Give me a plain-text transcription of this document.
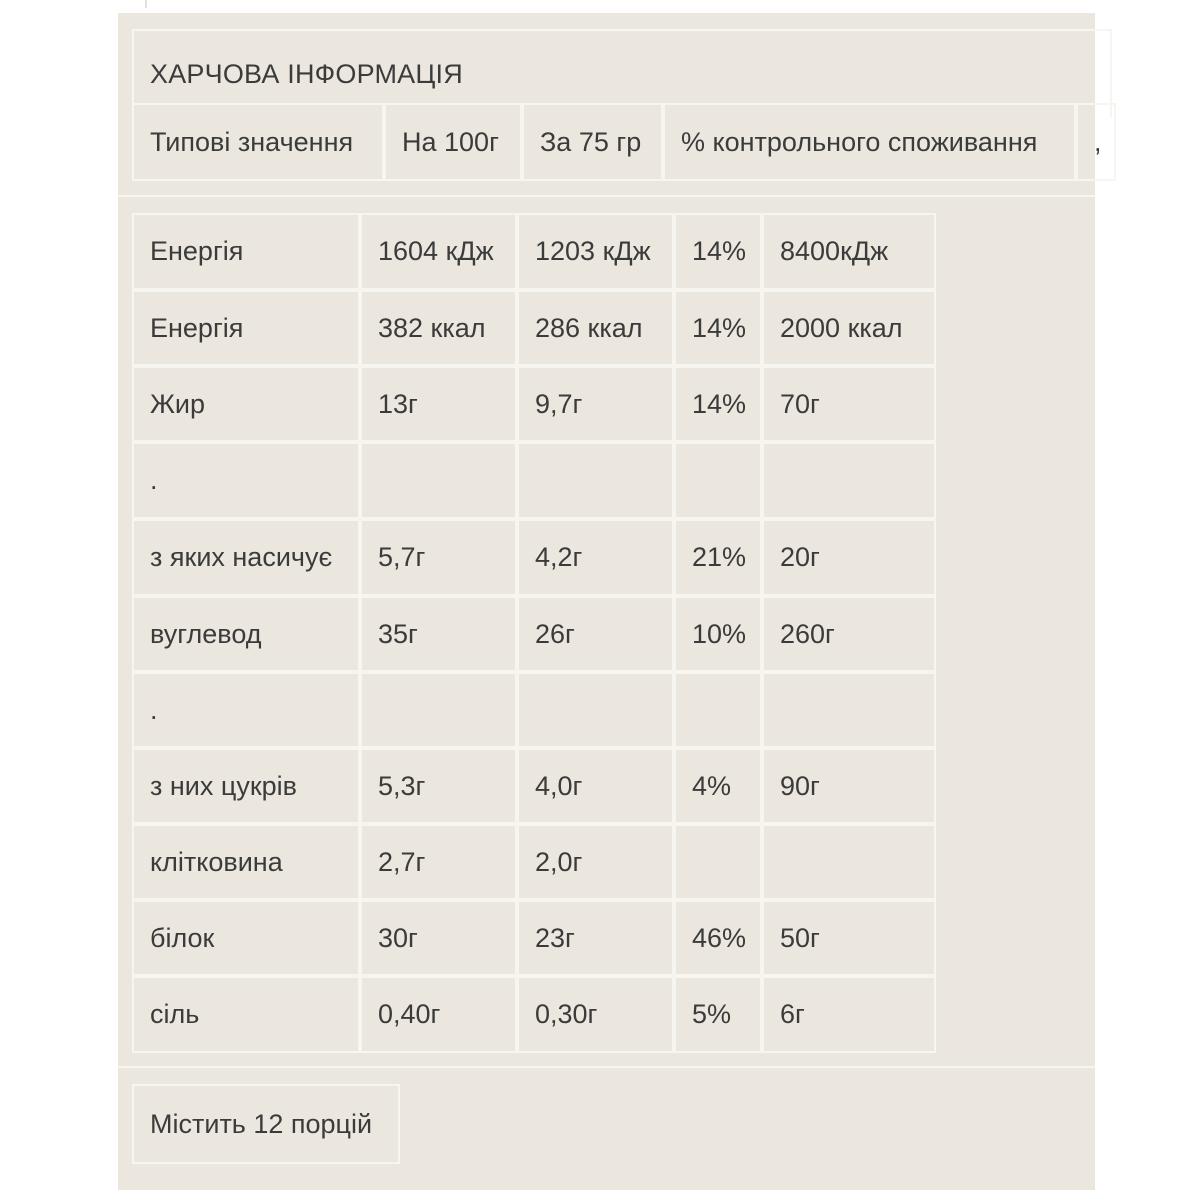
ХАРЧОВА ІНФОРМАЦІЯ
Типові значення	На 100г	За 75 гр	% контрольного споживання	,
Енергія	1604 кДж	1203 кДж	14%	8400кДж
Енергія	382 ккал	286 ккал	14%	2000 ккал
Жир	13г	9,7г	14%	70г
.
з яких насичує	5,7г	4,2г	21%	20г
вуглевод	35г	26г	10%	260г
.
з них цукрів	5,3г	4,0г	4%	90г
клітковина	2,7г	2,0г
білок	30г	23г	46%	50г
сіль	0,40г	0,30г	5%	6г
Містить 12 порцій
